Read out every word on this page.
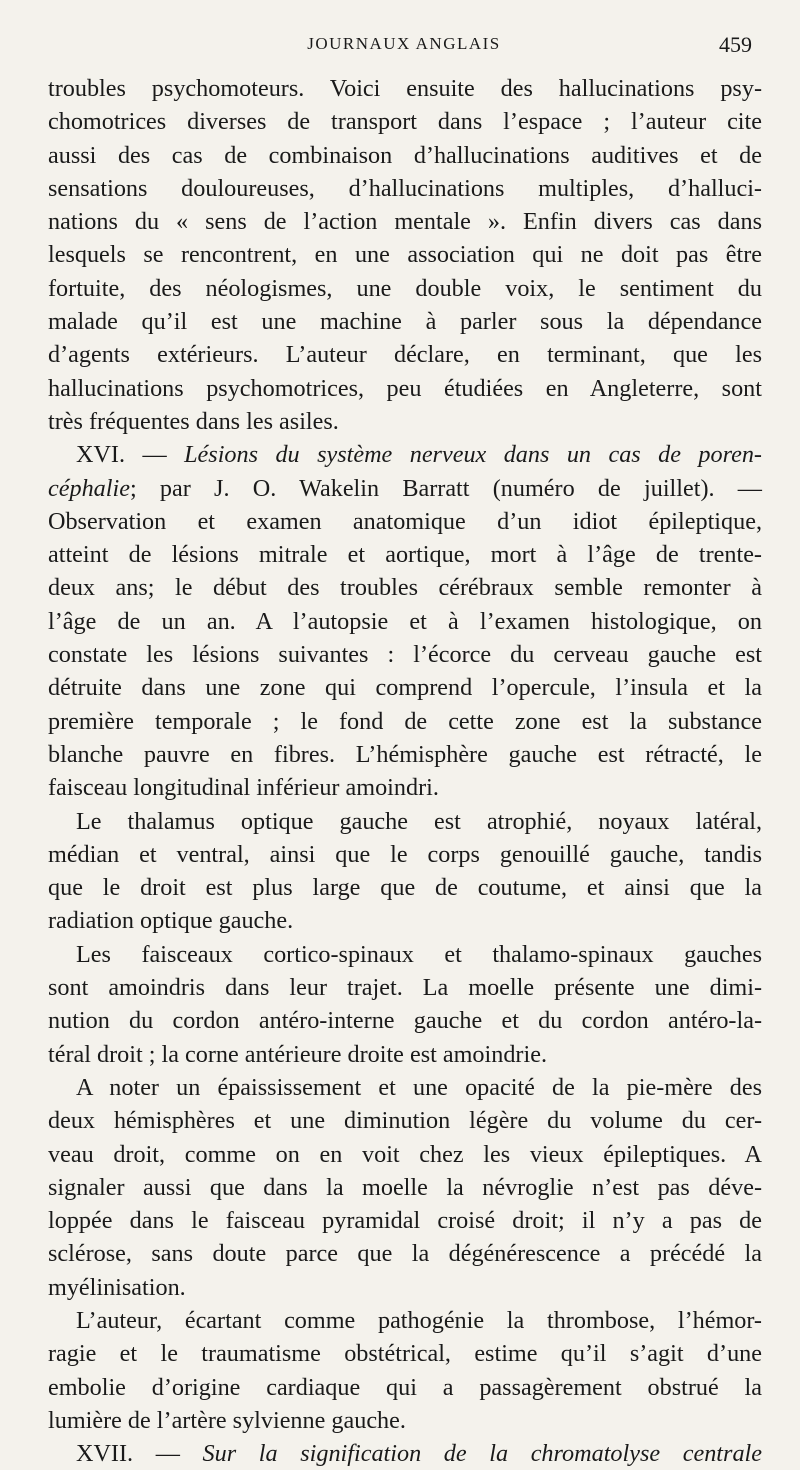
JOURNAUX ANGLAIS	459
troubles psychomoteurs. Voici ensuite des hallucinations psy-
chomotrices diverses de transport dans l’espace ; l’auteur cite
aussi des cas de combinaison d’hallucinations auditives et de
sensations douloureuses, d’hallucinations multiples, d’halluci-
nations du « sens de l’action mentale ». Enfin divers cas dans
lesquels se rencontrent, en une association qui ne doit pas être
fortuite, des néologismes, une double voix, le sentiment du
malade qu’il est une machine à parler sous la dépendance
d’agents extérieurs. L’auteur déclare, en terminant, que les
hallucinations psychomotrices, peu étudiées en Angleterre, sont
très fréquentes dans les asiles.
XVI. — Lésions du système nerveux dans un cas de poren-
céphalie; par J. O. Wakelin Barratt (numéro de juillet). —
Observation et examen anatomique d’un idiot épileptique,
atteint de lésions mitrale et aortique, mort à l’âge de trente-
deux ans; le début des troubles cérébraux semble remonter à
l’âge de un an. A l’autopsie et à l’examen histologique, on
constate les lésions suivantes : l’écorce du cerveau gauche est
détruite dans une zone qui comprend l’opercule, l’insula et la
première temporale ; le fond de cette zone est la substance
blanche pauvre en fibres. L’hémisphère gauche est rétracté, le
faisceau longitudinal inférieur amoindri.
Le thalamus optique gauche est atrophié, noyaux latéral,
médian et ventral, ainsi que le corps genouillé gauche, tandis
que le droit est plus large que de coutume, et ainsi que la
radiation optique gauche.
Les faisceaux cortico-spinaux et thalamo-spinaux gauches
sont amoindris dans leur trajet. La moelle présente une dimi-
nution du cordon antéro-interne gauche et du cordon antéro-la-
téral droit ; la corne antérieure droite est amoindrie.
A noter un épaississement et une opacité de la pie-mère des
deux hémisphères et une diminution légère du volume du cer-
veau droit, comme on en voit chez les vieux épileptiques. A
signaler aussi que dans la moelle la névroglie n’est pas déve-
loppée dans le faisceau pyramidal croisé droit; il n’y a pas de
sclérose, sans doute parce que la dégénérescence a précédé la
myélinisation.
L’auteur, écartant comme pathogénie la thrombose, l’hémor-
ragie et le traumatisme obstétrical, estime qu’il s’agit d’une
embolie d’origine cardiaque qui a passagèrement obstrué la
lumière de l’artère sylvienne gauche.
XVII. — Sur la signification de la chromatolyse centrale
